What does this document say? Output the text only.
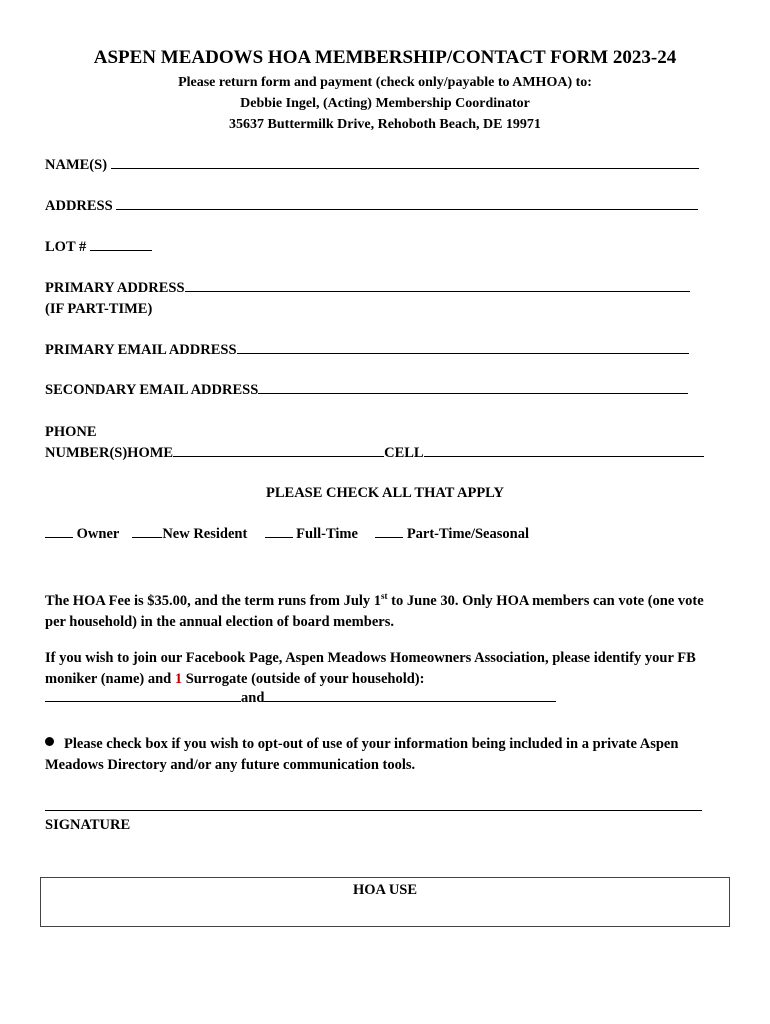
ASPEN MEADOWS HOA MEMBERSHIP/CONTACT FORM 2023-24
Please return form and payment (check only/payable to AMHOA) to:
Debbie Ingel, (Acting) Membership Coordinator
35637 Buttermilk Drive, Rehoboth Beach, DE 19971
NAME(S)
ADDRESS
LOT #
PRIMARY ADDRESS
(IF PART-TIME)
PRIMARY EMAIL ADDRESS
SECONDARY EMAIL ADDRESS
PHONE
NUMBER(S)HOME	CELL
PLEASE CHECK ALL THAT APPLY
Owner	New Resident	Full-Time	Part-Time/Seasonal
The HOA Fee is $35.00, and the term runs from July 1st to June 30. Only HOA members can vote (one vote per household) in the annual election of board members.
If you wish to join our Facebook Page, Aspen Meadows Homeowners Association, please identify your FB moniker (name) and 1 Surrogate (outside of your household):
and
Please check box if you wish to opt-out of use of your information being included in a private Aspen Meadows Directory and/or any future communication tools.
SIGNATURE
HOA USE
